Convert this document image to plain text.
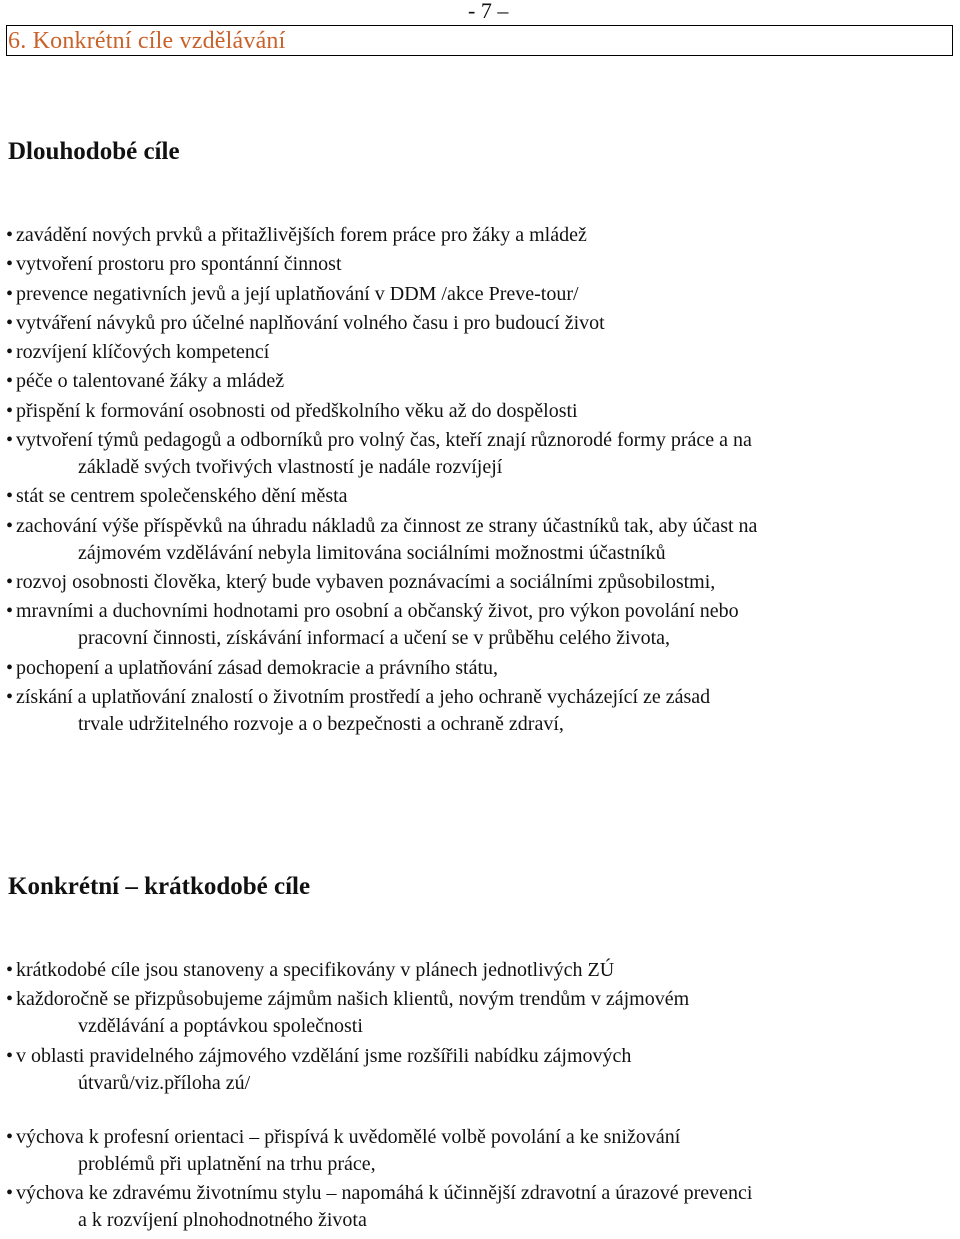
- 7 –
6. Konkrétní cíle vzdělávání
Dlouhodobé cíle
• zavádění nových prvků a přitažlivějších forem práce pro žáky a mládež
• vytvoření prostoru pro spontánní činnost
• prevence negativních jevů a její uplatňování v DDM /akce Preve-tour/
• vytváření návyků pro účelné naplňování volného času i pro budoucí život
• rozvíjení klíčových kompetencí
• péče o talentované žáky a mládež
• přispění k formování osobnosti od předškolního věku až do dospělosti
• vytvoření týmů pedagogů a odborníků pro volný čas, kteří znají různorodé formy práce a na
základě svých tvořivých vlastností je nadále rozvíjejí
• stát se centrem společenského dění města
• zachování výše příspěvků na úhradu nákladů za činnost ze strany účastníků tak, aby účast na
zájmovém vzdělávání nebyla limitována sociálními možnostmi účastníků
• rozvoj osobnosti člověka, který bude vybaven poznávacími a sociálními způsobilostmi,
• mravními a duchovními hodnotami pro osobní a občanský život, pro výkon povolání nebo
pracovní činnosti, získávání informací a učení se v průběhu celého života,
• pochopení a uplatňování zásad demokracie a právního státu,
• získání a uplatňování znalostí o životním prostředí a jeho ochraně vycházející ze zásad
trvale udržitelného rozvoje a o bezpečnosti a ochraně zdraví,
Konkrétní – krátkodobé cíle
• krátkodobé cíle jsou stanoveny a specifikovány v plánech jednotlivých ZÚ
• každoročně se přizpůsobujeme zájmům našich klientů, novým trendům v zájmovém
vzdělávání a poptávkou společnosti
• v oblasti pravidelného zájmového vzdělání jsme rozšířili nabídku zájmových
útvarů/viz.příloha zú/
• výchova k profesní orientaci – přispívá k uvědomělé volbě povolání a ke snižování
problémů při uplatnění na trhu práce,
• výchova ke zdravému životnímu stylu – napomáhá k účinnější zdravotní a úrazové prevenci
a k rozvíjení plnohodnotného života
